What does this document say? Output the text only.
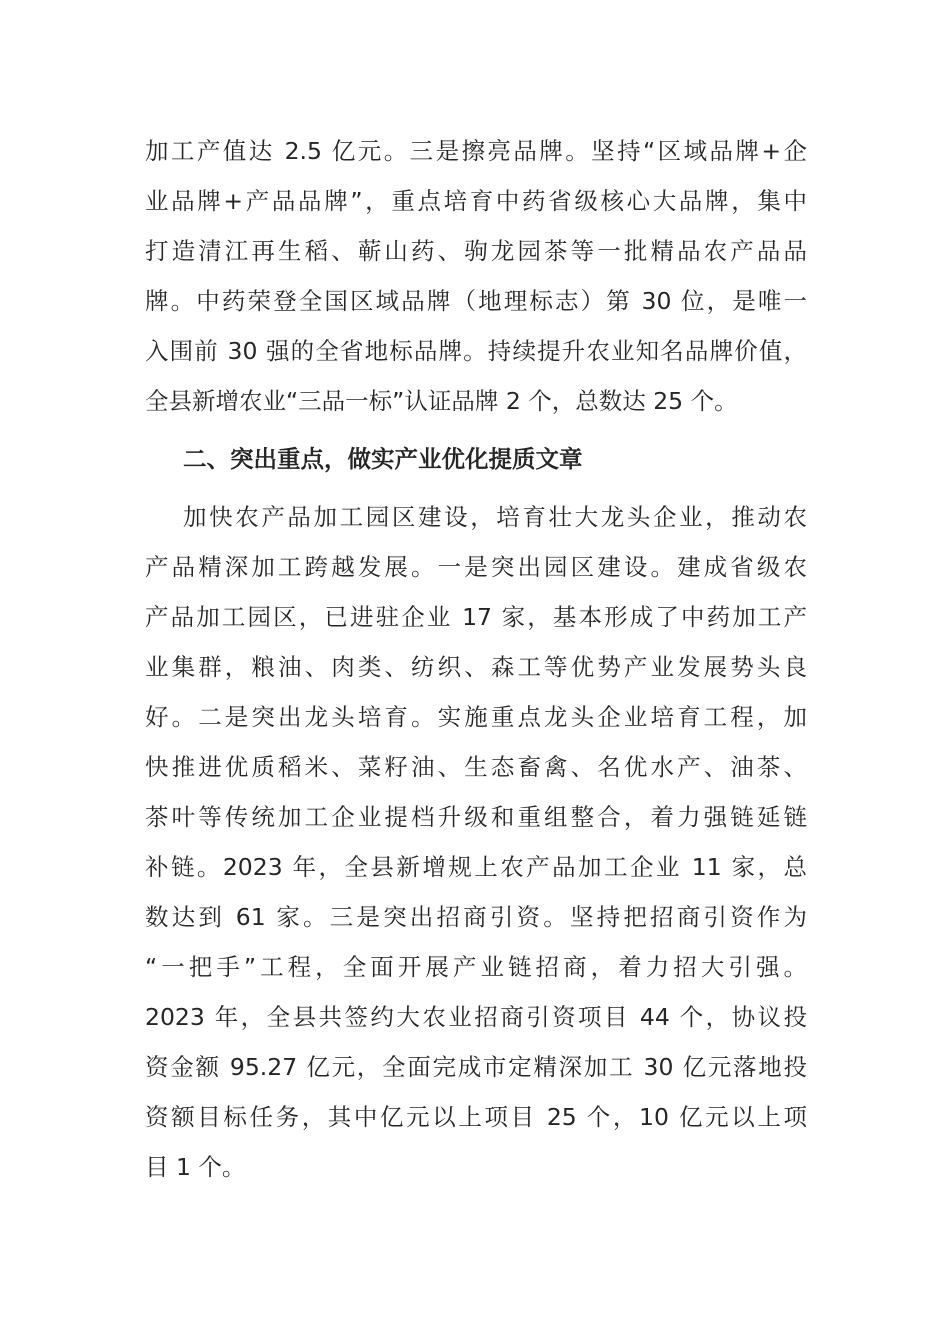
加工产值达 2.5 亿元。三是擦亮品牌。坚持“区域品牌+企
业品牌+产品品牌”，重点培育中药省级核心大品牌，集中
打造清江再生稻、蕲山药、驹龙园茶等一批精品农产品品
牌。中药荣登全国区域品牌（地理标志）第 30 位，是唯一
入围前 30 强的全省地标品牌。持续提升农业知名品牌价值，
全县新增农业“三品一标”认证品牌 2 个，总数达 25 个。
二、突出重点，做实产业优化提质文章
加快农产品加工园区建设，培育壮大龙头企业，推动农
产品精深加工跨越发展。一是突出园区建设。建成省级农
产品加工园区，已进驻企业 17 家，基本形成了中药加工产
业集群，粮油、肉类、纺织、森工等优势产业发展势头良
好。二是突出龙头培育。实施重点龙头企业培育工程，加
快推进优质稻米、菜籽油、生态畜禽、名优水产、油茶、
茶叶等传统加工企业提档升级和重组整合，着力强链延链
补链。2023 年，全县新增规上农产品加工企业 11 家，总
数达到 61 家。三是突出招商引资。坚持把招商引资作为
“一把手”工程，全面开展产业链招商，着力招大引强。
2023 年，全县共签约大农业招商引资项目 44 个，协议投
资金额 95.27 亿元，全面完成市定精深加工 30 亿元落地投
资额目标任务，其中亿元以上项目 25 个，10 亿元以上项
目 1 个。
